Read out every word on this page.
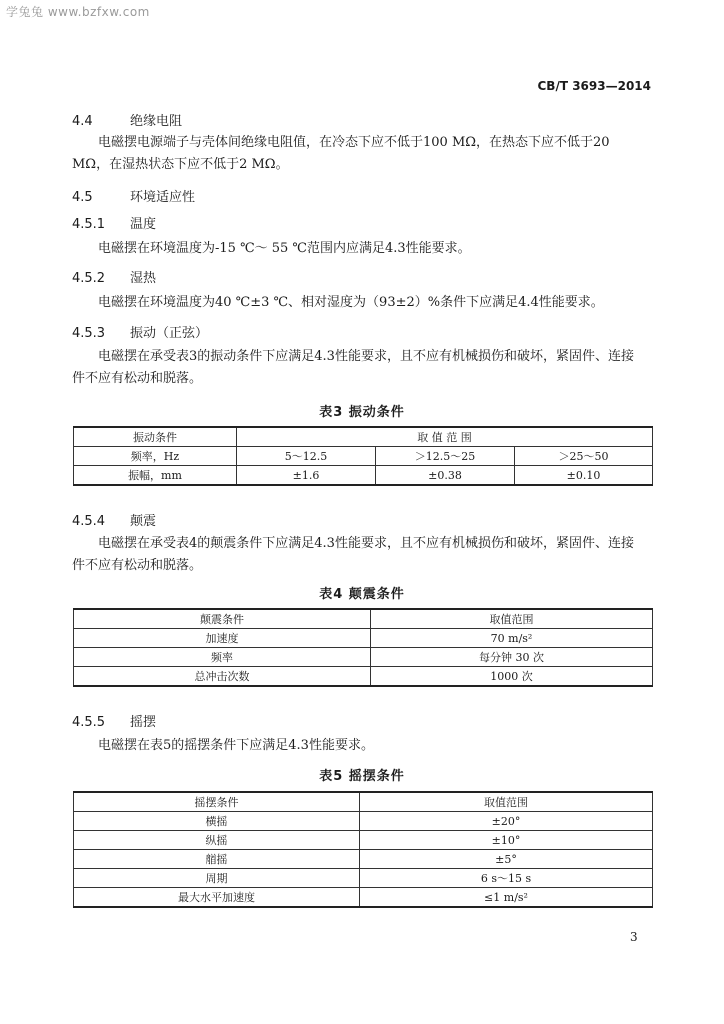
学兔兔 www.bzfxw.com
CB/T 3693—2014
4.4	绝缘电阻
电磁摆电源端子与壳体间绝缘电阻值，在冷态下应不低于100 MΩ，在热态下应不低于20 MΩ，在湿热状态下应不低于2 MΩ。
4.5	环境适应性
4.5.1 温度
电磁摆在环境温度为-15 ℃～ 55 ℃范围内应满足4.3性能要求。
4.5.2 湿热
电磁摆在环境温度为40 ℃±3 ℃、相对湿度为（93±2）%条件下应满足4.4性能要求。
4.5.3 振动（正弦）
电磁摆在承受表3的振动条件下应满足4.3性能要求，且不应有机械损伤和破坏，紧固件、连接件不应有松动和脱落。
表3 振动条件
振动条件	取 值 范 围		
频率，Hz	5～12.5	＞12.5～25	＞25～50
振幅，mm	±1.6	±0.38	±0.10
4.5.4 颠震
电磁摆在承受表4的颠震条件下应满足4.3性能要求，且不应有机械损伤和破坏，紧固件、连接件不应有松动和脱落。
表4 颠震条件
颠震条件	取值范围
加速度	70 m/s²
频率	每分钟 30 次
总冲击次数	1000 次
4.5.5 摇摆
电磁摆在表5的摇摆条件下应满足4.3性能要求。
表5 摇摆条件
摇摆条件	取值范围
横摇	±20°
纵摇	±10°
艏摇	±5°
周期	6 s～15 s
最大水平加速度	≤1 m/s²
3
